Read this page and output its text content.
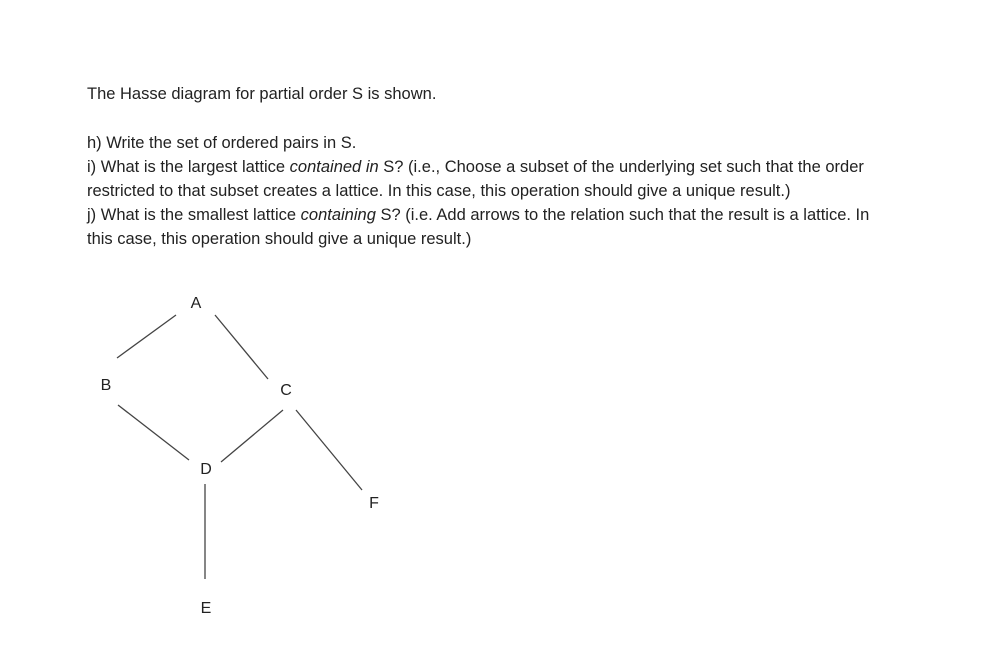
The Hasse diagram for partial order S is shown.

h) Write the set of ordered pairs in S.

i) What is the largest lattice contained in S? (i.e., Choose a subset of the underlying set such that the order restricted to that subset creates a lattice. In this case, this operation should give a unique result.)

j) What is the smallest lattice containing S? (i.e. Add arrows to the relation such that the result is a lattice. In this case, this operation should give a unique result.)

A
B	C
D
F
E
